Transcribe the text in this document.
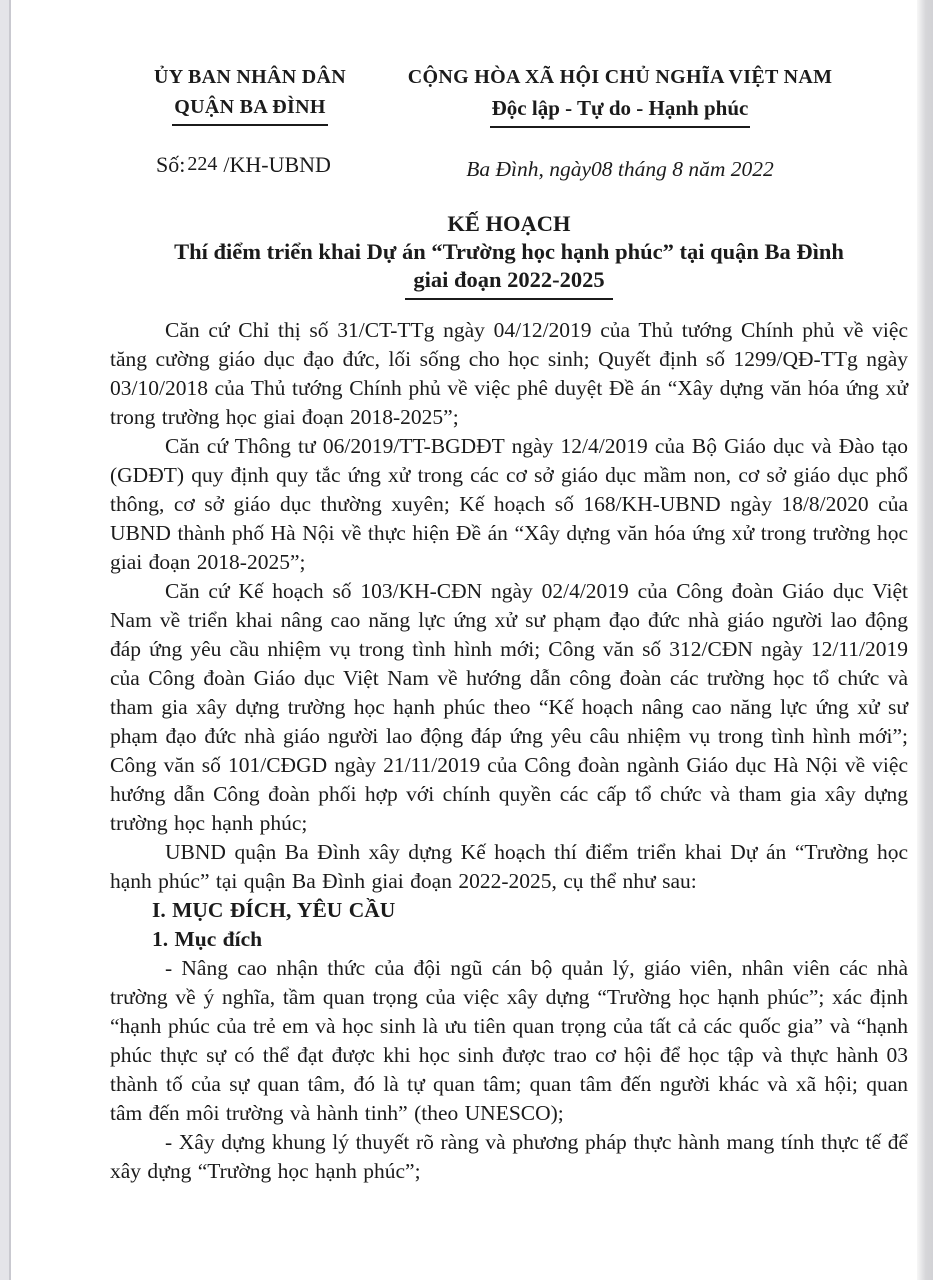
ỦY BAN NHÂN DÂN
QUẬN BA ĐÌNH
Số: 224 /KH-UBND
CỘNG HÒA XÃ HỘI CHỦ NGHĨA VIỆT NAM
Độc lập - Tự do - Hạnh phúc
Ba Đình, ngày08 tháng 8 năm 2022
KẾ HOẠCH
Thí điểm triển khai Dự án “Trường học hạnh phúc” tại quận Ba Đình
giai đoạn 2022-2025

Căn cứ Chỉ thị số 31/CT-TTg ngày 04/12/2019 của Thủ tướng Chính phủ về việc tăng cường giáo dục đạo đức, lối sống cho học sinh; Quyết định số 1299/QĐ-TTg ngày 03/10/2018 của Thủ tướng Chính phủ về việc phê duyệt Đề án “Xây dựng văn hóa ứng xử trong trường học giai đoạn 2018-2025”;

Căn cứ Thông tư 06/2019/TT-BGDĐT ngày 12/4/2019 của Bộ Giáo dục và Đào tạo (GDĐT) quy định quy tắc ứng xử trong các cơ sở giáo dục mầm non, cơ sở giáo dục phổ thông, cơ sở giáo dục thường xuyên; Kế hoạch số 168/KH-UBND ngày 18/8/2020 của UBND thành phố Hà Nội về thực hiện Đề án “Xây dựng văn hóa ứng xử trong trường học giai đoạn 2018-2025”;

Căn cứ Kế hoạch số 103/KH-CĐN ngày 02/4/2019 của Công đoàn Giáo dục Việt Nam về triển khai nâng cao năng lực ứng xử sư phạm đạo đức nhà giáo người lao động đáp ứng yêu cầu nhiệm vụ trong tình hình mới; Công văn số 312/CĐN ngày 12/11/2019 của Công đoàn Giáo dục Việt Nam về hướng dẫn công đoàn các trường học tổ chức và tham gia xây dựng trường học hạnh phúc theo “Kế hoạch nâng cao năng lực ứng xử sư phạm đạo đức nhà giáo người lao động đáp ứng yêu câu nhiệm vụ trong tình hình mới”; Công văn số 101/CĐGD ngày 21/11/2019 của Công đoàn ngành Giáo dục Hà Nội về việc hướng dẫn Công đoàn phối hợp với chính quyền các cấp tổ chức và tham gia xây dựng trường học hạnh phúc;

UBND quận Ba Đình xây dựng Kế hoạch thí điểm triển khai Dự án “Trường học hạnh phúc” tại quận Ba Đình giai đoạn 2022-2025, cụ thể như sau:

I. MỤC ĐÍCH, YÊU CẦU

1. Mục đích

- Nâng cao nhận thức của đội ngũ cán bộ quản lý, giáo viên, nhân viên các nhà trường về ý nghĩa, tầm quan trọng của việc xây dựng “Trường học hạnh phúc”; xác định “hạnh phúc của trẻ em và học sinh là ưu tiên quan trọng của tất cả các quốc gia” và “hạnh phúc thực sự có thể đạt được khi học sinh được trao cơ hội để học tập và thực hành 03 thành tố của sự quan tâm, đó là tự quan tâm; quan tâm đến người khác và xã hội; quan tâm đến môi trường và hành tinh” (theo UNESCO);

- Xây dựng khung lý thuyết rõ ràng và phương pháp thực hành mang tính thực tế để xây dựng “Trường học hạnh phúc”;
